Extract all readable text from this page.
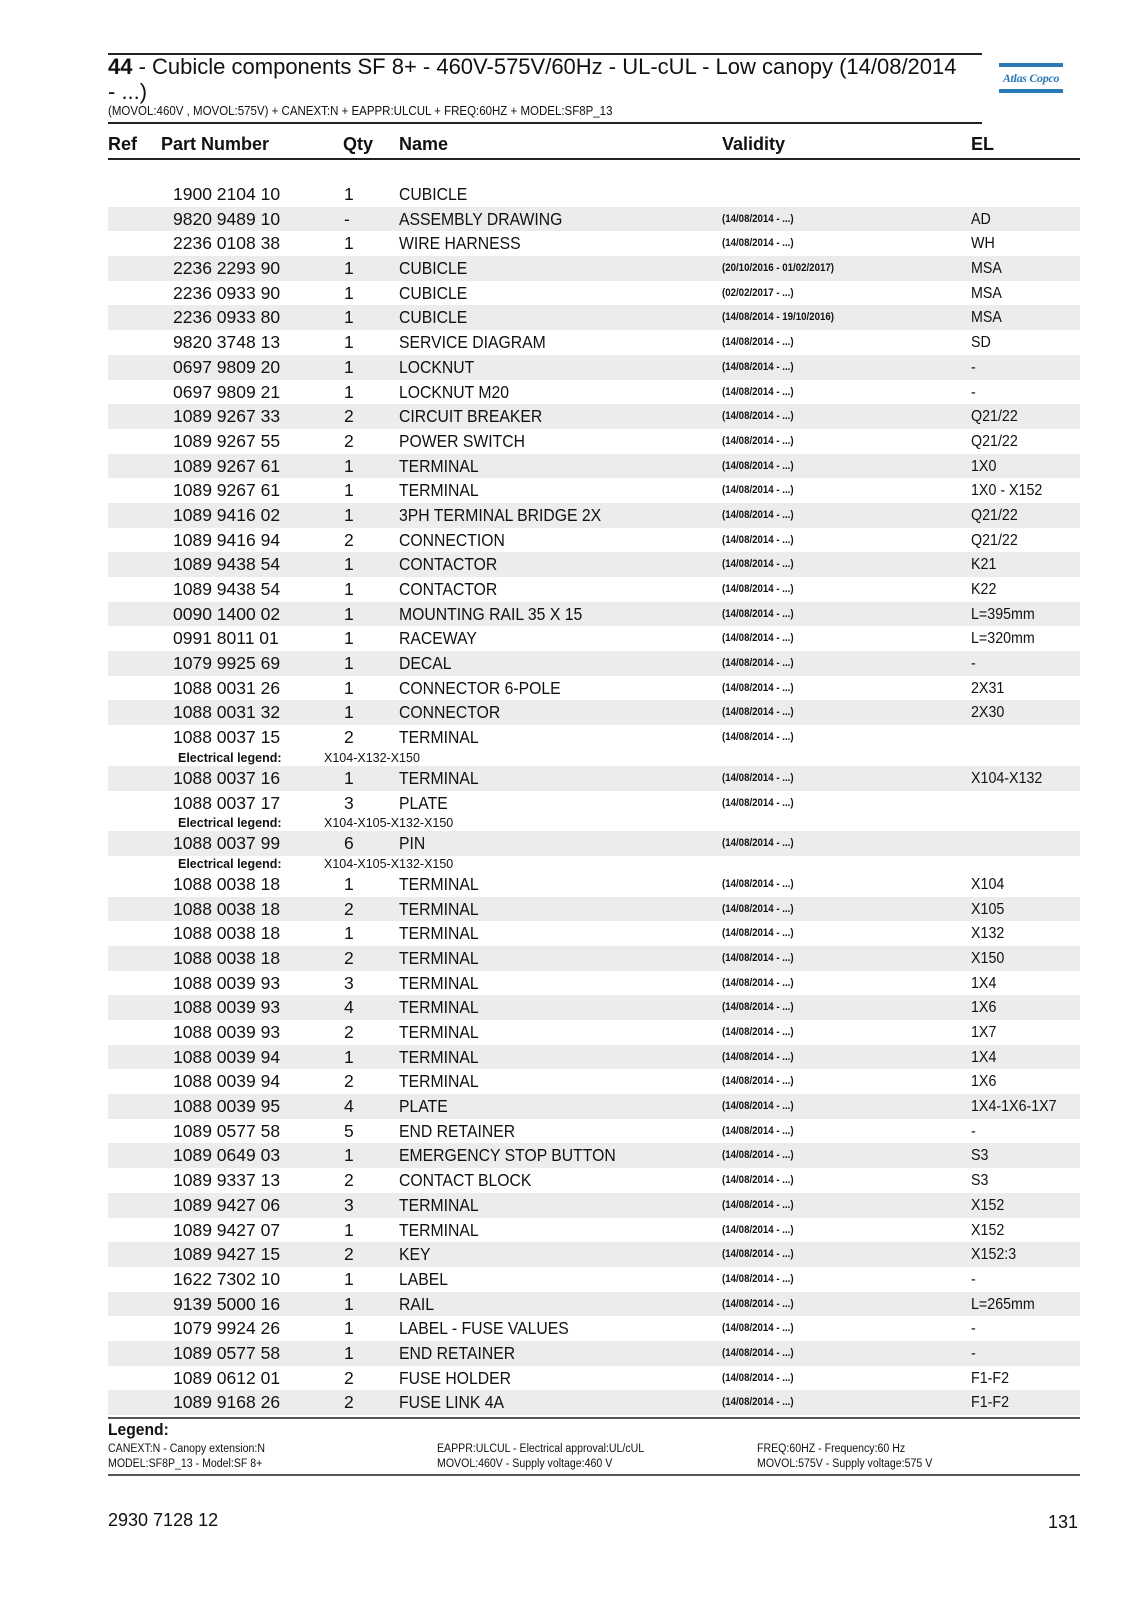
44 - Cubicle components SF 8+ - 460V-575V/60Hz - UL-cUL - Low canopy (14/08/2014 - ...)
(MOVOL:460V , MOVOL:575V) + CANEXT:N + EAPPR:ULCUL + FREQ:60HZ + MODEL:SF8P_13
Atlas Copco
Ref Part Number	Qty Name	Validity	EL
1900 2104 10	1	CUBICLE
9820 9489 10	-	ASSEMBLY DRAWING	(14/08/2014 - ...)	AD
2236 0108 38	1	WIRE HARNESS	(14/08/2014 - ...)	WH
2236 2293 90	1	CUBICLE	(20/10/2016 - 01/02/2017)	MSA
2236 0933 90	1	CUBICLE	(02/02/2017 - ...)	MSA
2236 0933 80	1	CUBICLE	(14/08/2014 - 19/10/2016)	MSA
9820 3748 13	1	SERVICE DIAGRAM	(14/08/2014 - ...)	SD
0697 9809 20	1	LOCKNUT	(14/08/2014 - ...)	-
0697 9809 21	1	LOCKNUT M20	(14/08/2014 - ...)	-
1089 9267 33	2	CIRCUIT BREAKER	(14/08/2014 - ...)	Q21/22
1089 9267 55	2	POWER SWITCH	(14/08/2014 - ...)	Q21/22
1089 9267 61	1	TERMINAL	(14/08/2014 - ...)	1X0
1089 9267 61	1	TERMINAL	(14/08/2014 - ...)	1X0 - X152
1089 9416 02	1	3PH TERMINAL BRIDGE 2X	(14/08/2014 - ...)	Q21/22
1089 9416 94	2	CONNECTION	(14/08/2014 - ...)	Q21/22
1089 9438 54	1	CONTACTOR	(14/08/2014 - ...)	K21
1089 9438 54	1	CONTACTOR	(14/08/2014 - ...)	K22
0090 1400 02	1	MOUNTING RAIL 35 X 15	(14/08/2014 - ...)	L=395mm
0991 8011 01	1	RACEWAY	(14/08/2014 - ...)	L=320mm
1079 9925 69	1	DECAL	(14/08/2014 - ...)	-
1088 0031 26	1	CONNECTOR 6-POLE	(14/08/2014 - ...)	2X31
1088 0031 32	1	CONNECTOR	(14/08/2014 - ...)	2X30
1088 0037 15	2	TERMINAL	(14/08/2014 - ...)
Electrical legend:	X104-X132-X150
1088 0037 16	1	TERMINAL	(14/08/2014 - ...)	X104-X132
1088 0037 17	3	PLATE	(14/08/2014 - ...)
Electrical legend:	X104-X105-X132-X150
1088 0037 99	6	PIN	(14/08/2014 - ...)
Electrical legend:	X104-X105-X132-X150
1088 0038 18	1	TERMINAL	(14/08/2014 - ...)	X104
1088 0038 18	2	TERMINAL	(14/08/2014 - ...)	X105
1088 0038 18	1	TERMINAL	(14/08/2014 - ...)	X132
1088 0038 18	2	TERMINAL	(14/08/2014 - ...)	X150
1088 0039 93	3	TERMINAL	(14/08/2014 - ...)	1X4
1088 0039 93	4	TERMINAL	(14/08/2014 - ...)	1X6
1088 0039 93	2	TERMINAL	(14/08/2014 - ...)	1X7
1088 0039 94	1	TERMINAL	(14/08/2014 - ...)	1X4
1088 0039 94	2	TERMINAL	(14/08/2014 - ...)	1X6
1088 0039 95	4	PLATE	(14/08/2014 - ...)	1X4-1X6-1X7
1089 0577 58	5	END RETAINER	(14/08/2014 - ...)	-
1089 0649 03	1	EMERGENCY STOP BUTTON	(14/08/2014 - ...)	S3
1089 9337 13	2	CONTACT BLOCK	(14/08/2014 - ...)	S3
1089 9427 06	3	TERMINAL	(14/08/2014 - ...)	X152
1089 9427 07	1	TERMINAL	(14/08/2014 - ...)	X152
1089 9427 15	2	KEY	(14/08/2014 - ...)	X152:3
1622 7302 10	1	LABEL	(14/08/2014 - ...)	-
9139 5000 16	1	RAIL	(14/08/2014 - ...)	L=265mm
1079 9924 26	1	LABEL - FUSE VALUES	(14/08/2014 - ...)	-
1089 0577 58	1	END RETAINER	(14/08/2014 - ...)	-
1089 0612 01	2	FUSE HOLDER	(14/08/2014 - ...)	F1-F2
1089 9168 26	2	FUSE LINK 4A	(14/08/2014 - ...)	F1-F2
Legend:
CANEXT:N - Canopy extension:N	EAPPR:ULCUL - Electrical approval:UL/cUL	FREQ:60HZ - Frequency:60 Hz
MODEL:SF8P_13 - Model:SF 8+	MOVOL:460V - Supply voltage:460 V	MOVOL:575V - Supply voltage:575 V
2930 7128 12	131
